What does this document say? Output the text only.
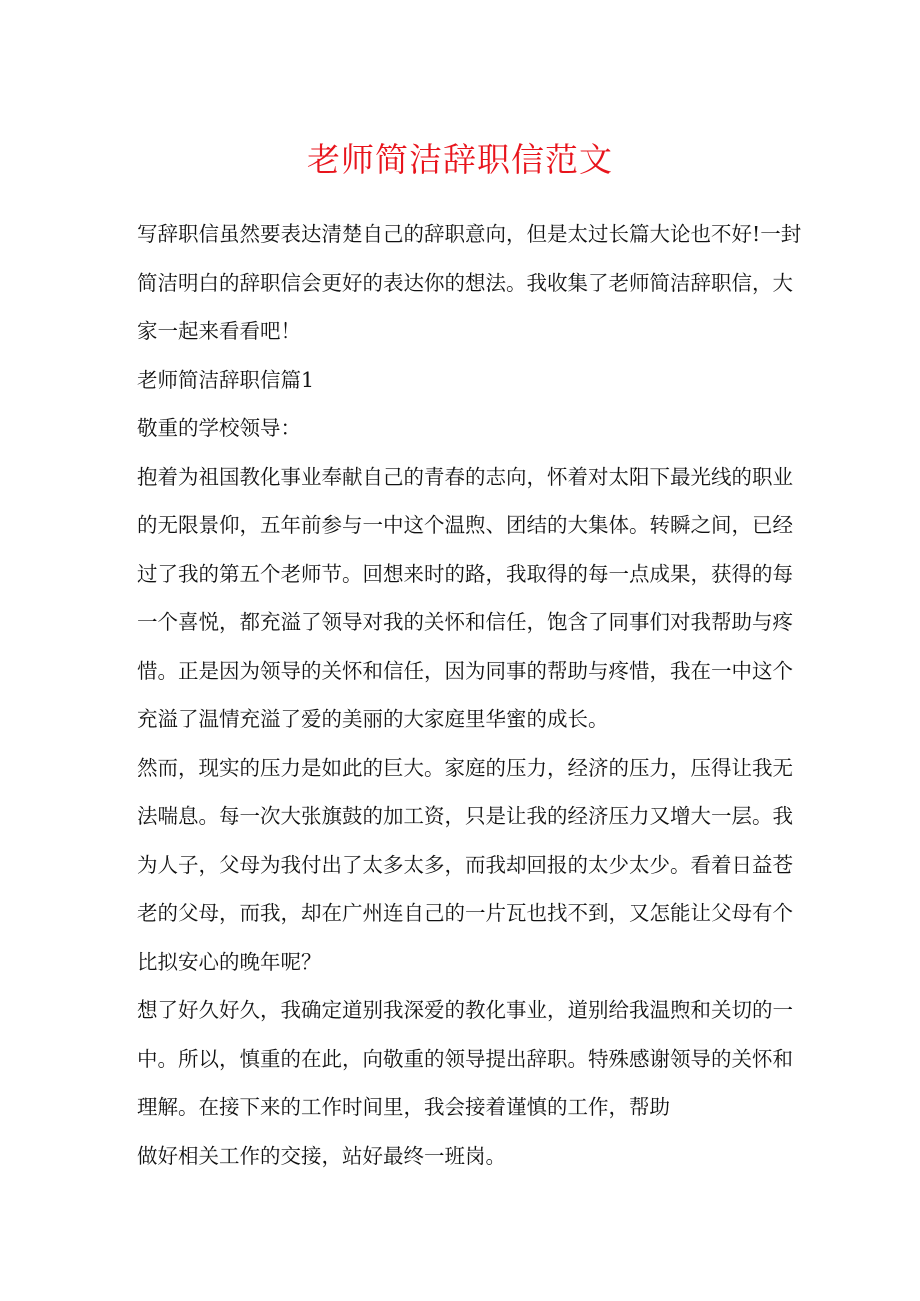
老师简洁辞职信范文
写辞职信虽然要表达清楚自己的辞职意向，但是太过长篇大论也不好!一封
简洁明白的辞职信会更好的表达你的想法。我收集了老师简洁辞职信，大
家一起来看看吧！
老师简洁辞职信篇1
敬重的学校领导：
抱着为祖国教化事业奉献自己的青春的志向，怀着对太阳下最光线的职业
的无限景仰，五年前参与一中这个温煦、团结的大集体。转瞬之间，已经
过了我的第五个老师节。回想来时的路，我取得的每一点成果，获得的每
一个喜悦，都充溢了领导对我的关怀和信任，饱含了同事们对我帮助与疼
惜。正是因为领导的关怀和信任，因为同事的帮助与疼惜，我在一中这个
充溢了温情充溢了爱的美丽的大家庭里华蜜的成长。
然而，现实的压力是如此的巨大。家庭的压力，经济的压力，压得让我无
法喘息。每一次大张旗鼓的加工资，只是让我的经济压力又增大一层。我
为人子，父母为我付出了太多太多，而我却回报的太少太少。看着日益苍
老的父母，而我，却在广州连自己的一片瓦也找不到，又怎能让父母有个
比拟安心的晚年呢？
想了好久好久，我确定道别我深爱的教化事业，道别给我温煦和关切的一
中。所以，慎重的在此，向敬重的领导提出辞职。特殊感谢领导的关怀和
理解。在接下来的工作时间里，我会接着谨慎的工作，帮助
做好相关工作的交接，站好最终一班岗。
